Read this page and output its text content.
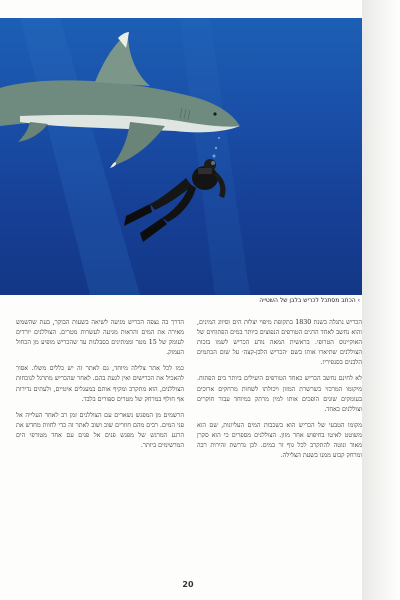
› הכתב מסתכל לכריש בלבן של השטייה

הכריש נתגלה בשנת 1830 בתקופת מיפוי יצלות הים וסיווג המינים, והוא נחשב לאחד הדגים הטורפים הנפוצים ביותר במים הפתוחים של האוקיינוס הטרופי. בראשית המאה נודע הכריש לשמו בזכות הצוללנים שתיארו אותו בשם ׳הכריש הלבן-קצה׳ על שום הכתמים הלבנים בסנפיריו.

לא לחינם נחשב הכריש כאחד הטורפים היעילים ביותר בים הפתוח. מיקומו המרכזי בשרשרת המזון ויכולתו לשחות מרחקים ארוכים בעומקים שונים הופכים אותו למין מרתק במיוחד עבור חוקרים וצוללנים כאחד.

מקומו הטבעי של הכריש הוא בשכבות המים העליונות, שם הוא משוטט לאיטו בחיפוש אחר מזון. הצוללנים מספרים כי הוא סקרן מאוד ונוטה להתקרב לכל גוף זר במים. לכן נדרשת זהירות רבה ומרחק קבוע ממנו בשעת הצלילה.

הדרך בה נצפה הכריש מגיעה לשיאה בשעות הבוקר, בעת שהשמש מאירה את המים והראות מגיעה לעשרות מטרים. הצוללנים יורדים לעומק של 15 מטר וממתינים בסבלנות עד שהכריש מופיע מן הכחול העמוק.

כמו לכל אתר צלילה מיוחד, גם לאתר זה יש כללים משלו. אסור להאכיל את הכרישים ואין לגעת בהם. לאחר שהכריש מתרגל לנוכחות הצוללנים, הוא מתקרב ומקיף אותם במעגלים איטיים, ולעתים נדירות אף חולף במרחק של מטרים ספורים בלבד.

הרשמים מן המפגש נשארים עם הצוללנים זמן רב לאחר העלייה אל פני המים. רבים מהם חוזרים שוב ושוב לאתר זה כדי לחוות מחדש את הרגע המרגש של מפגש פנים אל פנים עם אחד מטורפי הים המרשימים ביותר.

20
